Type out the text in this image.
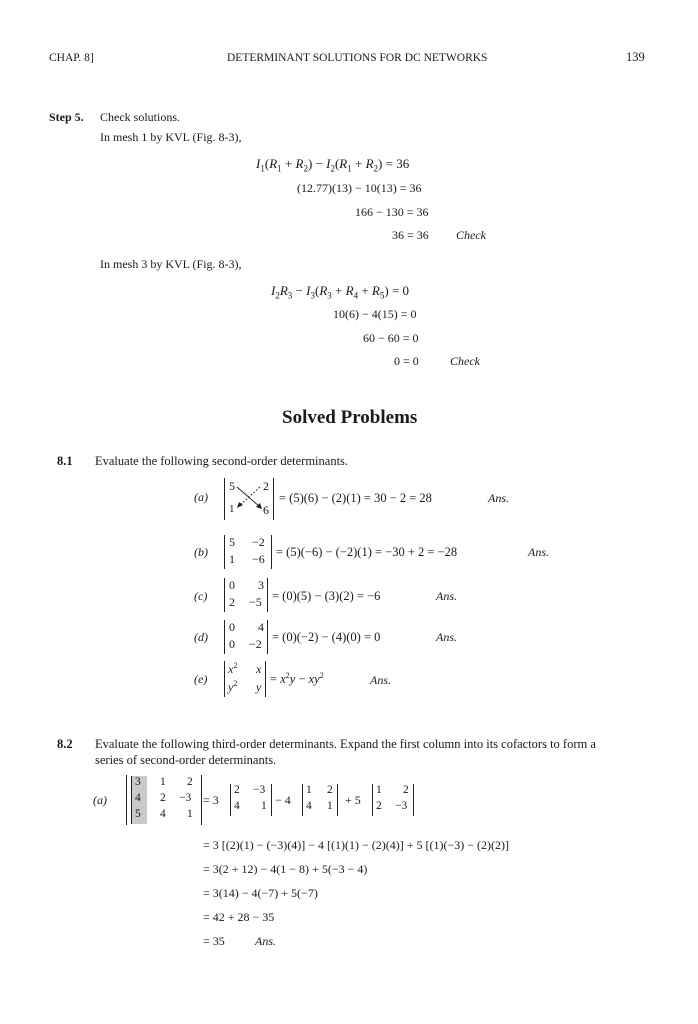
CHAP. 8]	DETERMINANT SOLUTIONS FOR DC NETWORKS	139
Step 5. Check solutions.
In mesh 1 by KVL (Fig. 8-3),
$I_1(R_1 + R_2) - I_2(R_1 + R_2) = 36$
(12.77)(13) − 10(13) = 36
166 − 130 = 36
36 = 36 Check
In mesh 3 by KVL (Fig. 8-3),
$I_2R_3 - I_3(R_3 + R_4 + R_5) = 0$
10(6) − 4(15) = 0
60 − 60 = 0
0 = 0	Check
Solved Problems
8.1 Evaluate the following second-order determinants.
(a)
5 2
1 6
= (5)(6) − (2)(1) = 30 − 2 = 28	Ans.
(b)
5 −2
1 −6 = (5)(−6) − (−2)(1) = −30 + 2 = −28	Ans.
(c)
0 3
2 −5 = (0)(5) − (3)(2) = −6	Ans.
(d)
0 4
0 −2 = (0)(−2) − (4)(0) = 0	Ans.
(e)
$x^2$ x
$y^2$ y
= $x^2y - xy^2$	Ans.
8.2 Evaluate the following third-order determinants. Expand the first column into its cofactors to form a
series of second-order determinants.
(a)
3 1 2
4 2 −3
5 4 1
= 3
2 −3
4 1 − 4
1 2
4 1 + 5
1 2
2 −3
= 3 [(2)(1) − (−3)(4)] − 4 [(1)(1) − (2)(4)] + 5 [(1)(−3) − (2)(2)]
= 3(2 + 12) − 4(1 − 8) + 5(−3 − 4)
= 3(14) − 4(−7) + 5(−7)
= 42 + 28 − 35
= 35	Ans.
